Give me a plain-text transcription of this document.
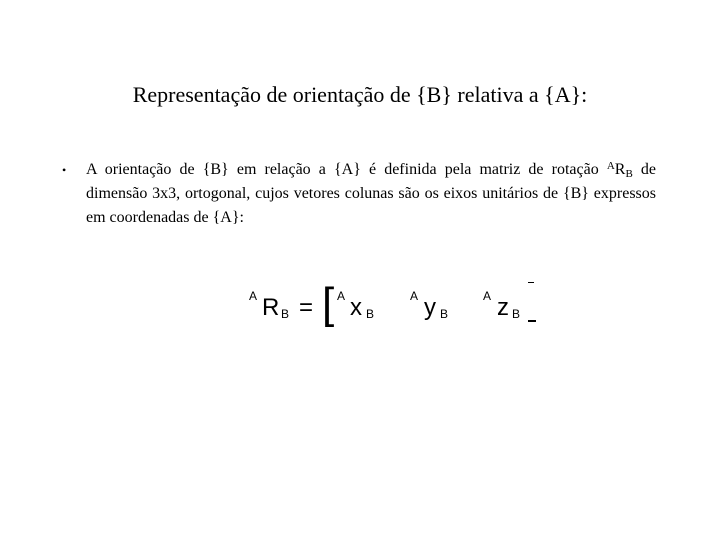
Representação de orientação de {B} relativa a {A}:
• A orientação de {B} em relação a {A} é definida pela matriz de rotação $^AR_B$ de dimensão 3x3, ortogonal, cujos vetores colunas são os eixos unitários de {B} expressos em coordenadas de {A}:
A R B = [ A x B
A y B
A z B
